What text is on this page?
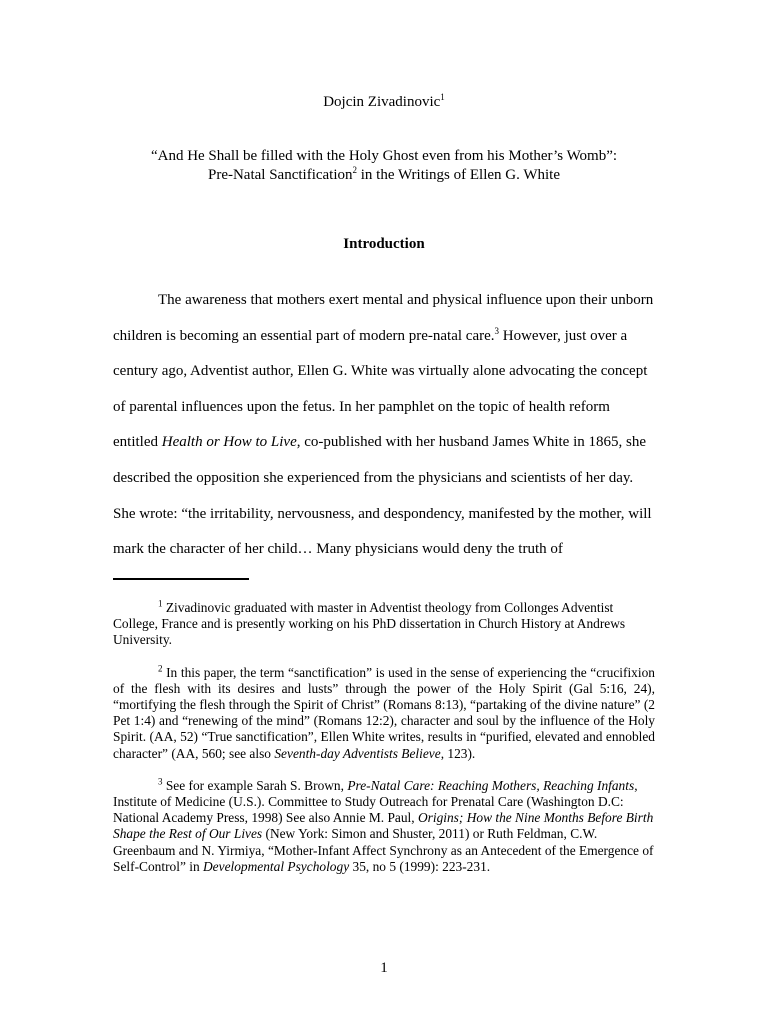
Dojcin Zivadinovic$^1$
“And He Shall be filled with the Holy Ghost even from his Mother’s Womb”:
Pre-Natal Sanctification$^2$ in the Writings of Ellen G. White
Introduction

The awareness that mothers exert mental and physical influence upon their unborn children is becoming an essential part of modern pre-natal care.$^3$ However, just over a century ago, Adventist author, Ellen G. White was virtually alone advocating the concept of parental influences upon the fetus. In her pamphlet on the topic of health reform entitled Health or How to Live, co-published with her husband James White in 1865, she described the opposition she experienced from the physicians and scientists of her day. She wrote: “the irritability, nervousness, and despondency, manifested by the mother, will mark the character of her child… Many physicians would deny the truth of

$^1$ Zivadinovic graduated with master in Adventist theology from Collonges Adventist College, France and is presently working on his PhD dissertation in Church History at Andrews University.

$^2$ In this paper, the term “sanctification” is used in the sense of experiencing the “crucifixion of the flesh with its desires and lusts” through the power of the Holy Spirit (Gal 5:16, 24), “mortifying the flesh through the Spirit of Christ” (Romans 8:13), “partaking of the divine nature” (2 Pet 1:4) and “renewing of the mind” (Romans 12:2), character and soul by the influence of the Holy Spirit. (AA, 52) “True sanctification”, Ellen White writes, results in “purified, elevated and ennobled character” (AA, 560; see also Seventh-day Adventists Believe, 123).

$^3$ See for example Sarah S. Brown, Pre-Natal Care: Reaching Mothers, Reaching Infants, Institute of Medicine (U.S.). Committee to Study Outreach for Prenatal Care (Washington D.C: National Academy Press, 1998) See also Annie M. Paul, Origins; How the Nine Months Before Birth Shape the Rest of Our Lives (New York: Simon and Shuster, 2011) or Ruth Feldman, C.W. Greenbaum and N. Yirmiya, “Mother-Infant Affect Synchrony as an Antecedent of the Emergence of Self-Control” in Developmental Psychology 35, no 5 (1999): 223-231.

1
